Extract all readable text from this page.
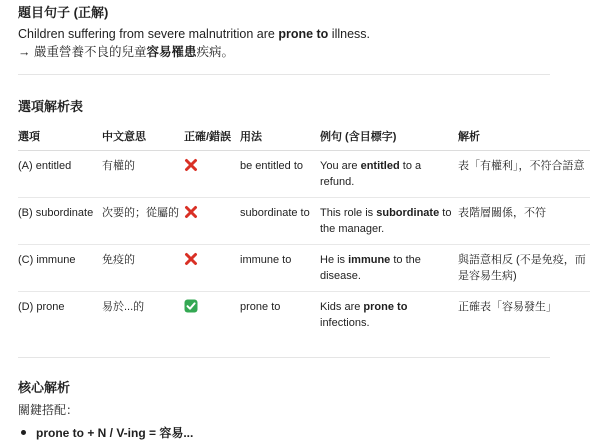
題目句子 (正解)
Children suffering from severe malnutrition are prone to illness.
→ 嚴重營養不良的兒童容易罹患疾病。
選項解析表
選項	中文意思	正確/錯誤	用法	例句 (含目標字)	解析
(A) entitled	有權的		be entitled to	You are entitled to a refund.	表「有權利」，不符合語意
(B) subordinate	次要的；從屬的		subordinate to	This role is subordinate to the manager.	表階層關係，不符
(C) immune	免疫的		immune to	He is immune to the disease.	與語意相反 (不是免疫，而是容易生病)
(D) prone	易於...的		prone to	Kids are prone to infections.	正確表「容易發生」
核心解析
關鍵搭配：
prone to + N / V-ing = 容易...
